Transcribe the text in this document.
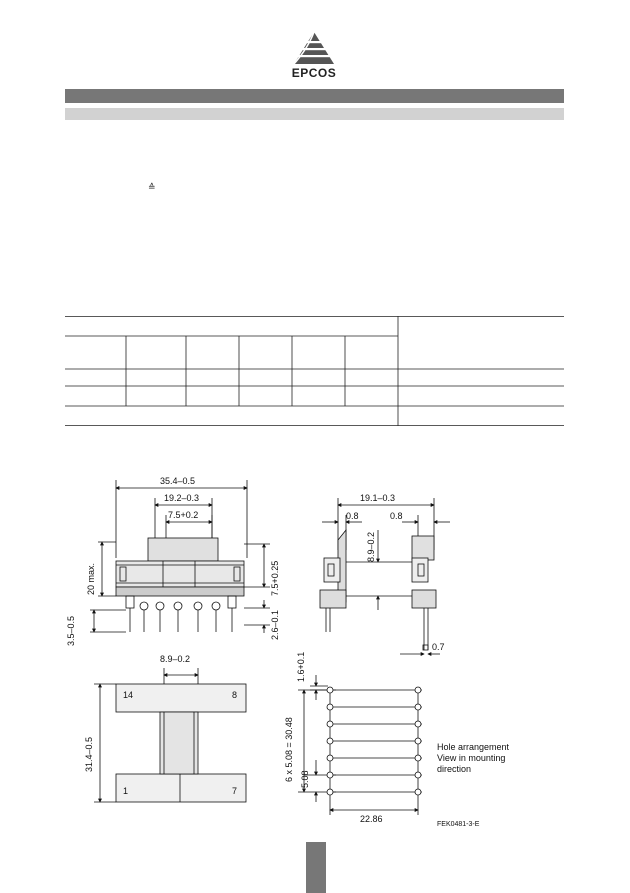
EPCOS
≙
35.4–0.5
19.2–0.3
7.5+0.2
20 max.
3.5–0.5
7.5+0.25
2.6–0.1
19.1–0.3
0.8	0.8
8.9–0.2
0.7
8.9–0.2
31.4–0.5
14	8
1	7
1.6+0.1
6 x 5.08 = 30.48 5.08
22.86
Hole arrangement
View in mounting
direction
FEK0481-3-E
